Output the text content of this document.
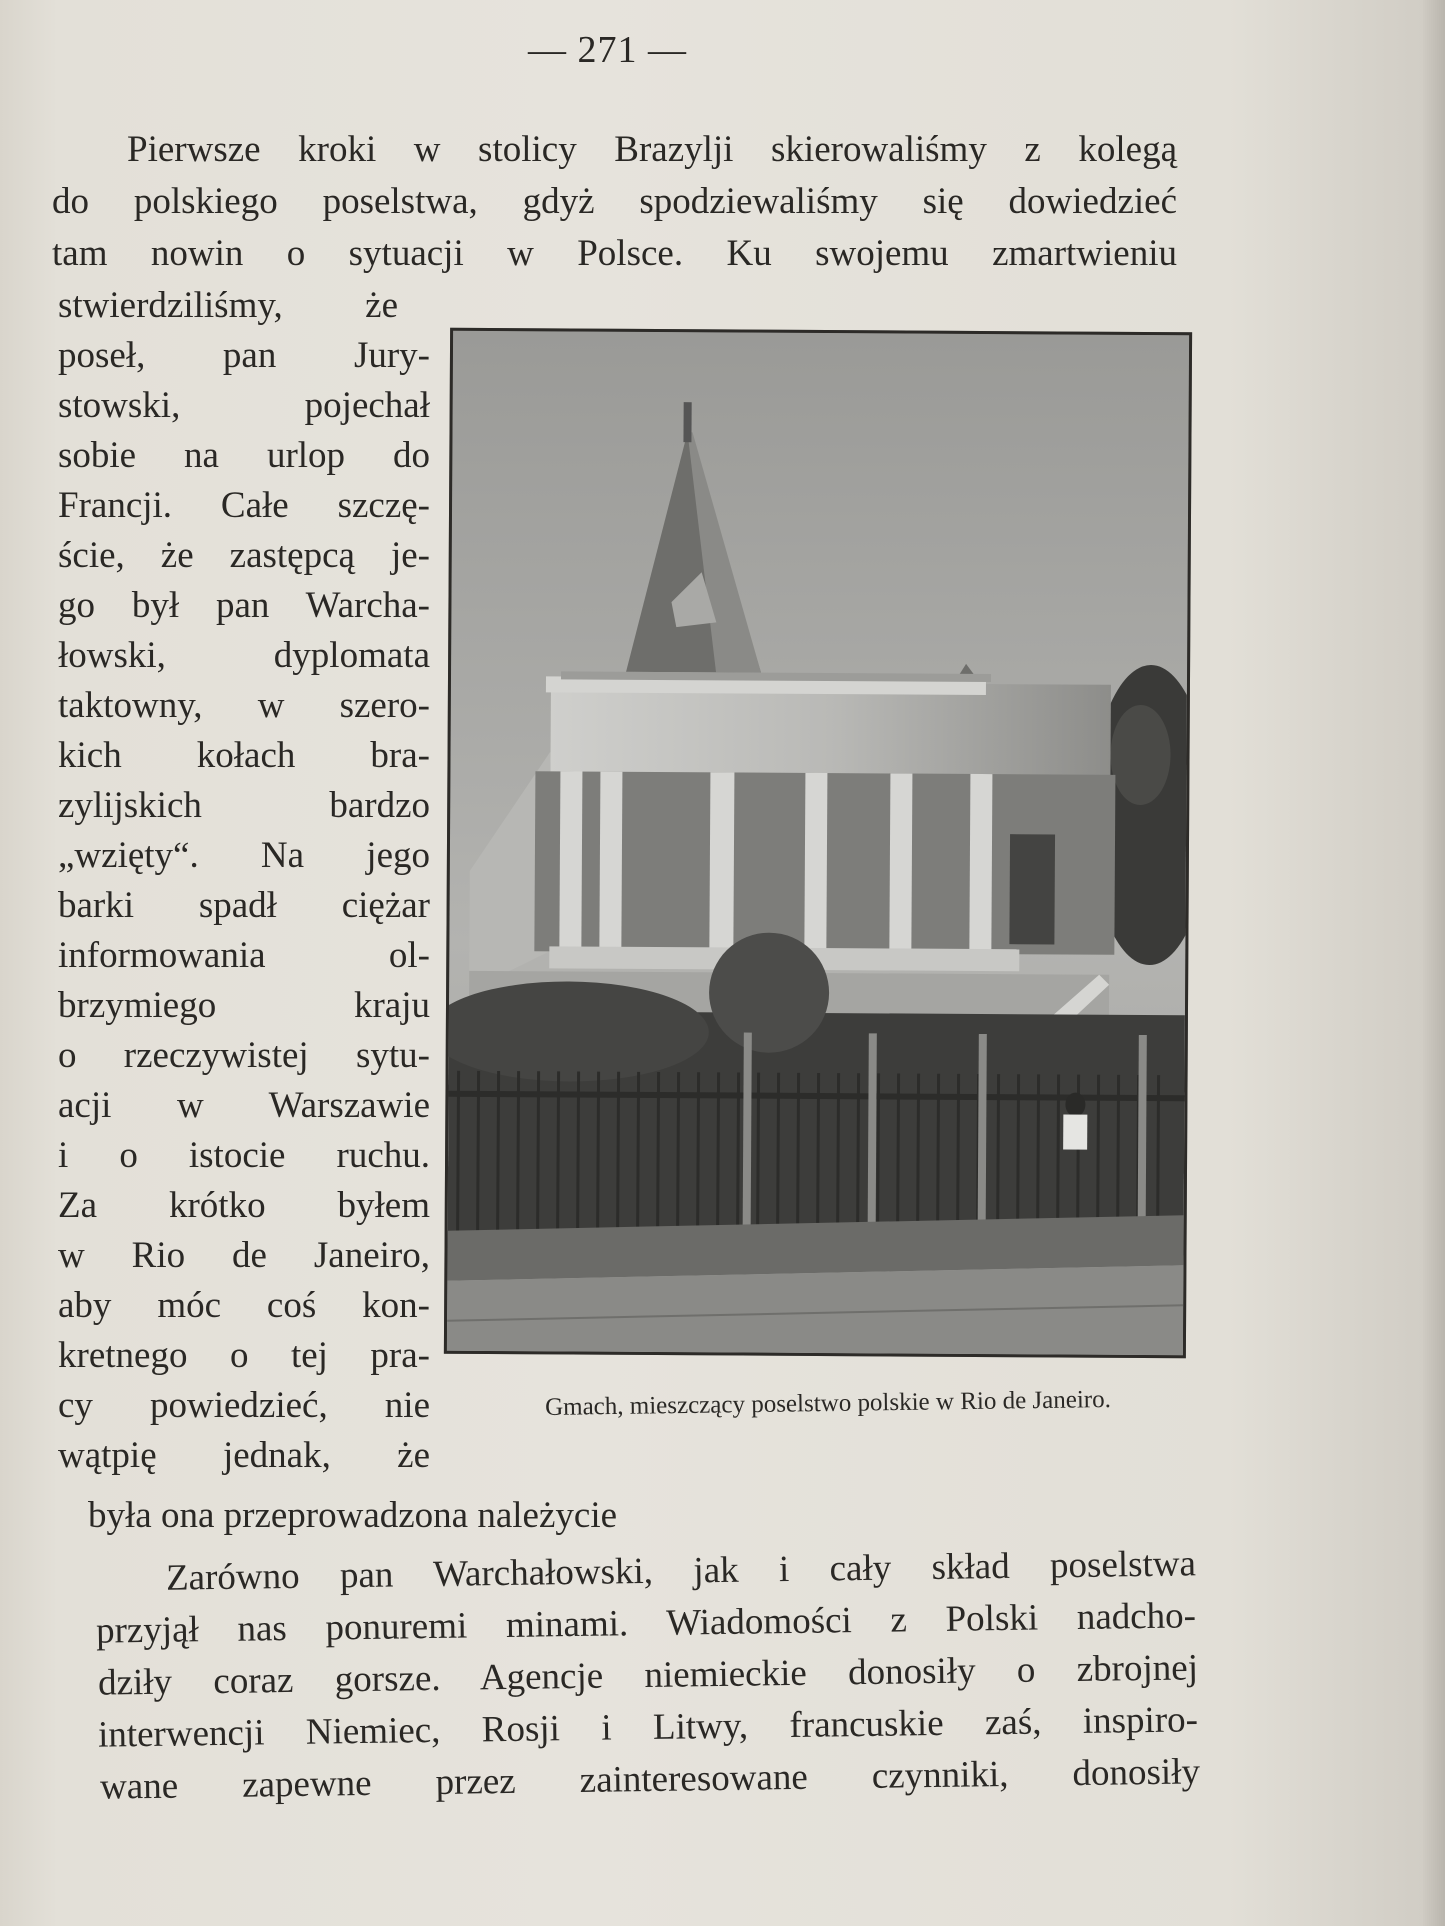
— 271 —
Pierwsze kroki w stolicy Brazylji skierowaliśmy z kolegą
do polskiego poselstwa, gdyż spodziewaliśmy się dowiedzieć
tam nowin o sytuacji w Polsce. Ku swojemu zmartwieniu
stwierdziliśmy, że
poseł, pan Jury-
stowski, pojechał
sobie na urlop do
Francji. Całe szczę-
ście, że zastępcą je-
go był pan Warcha-
łowski, dyplomata
taktowny, w szero-
kich kołach bra-
zylijskich bardzo
„wzięty“. Na jego
barki spadł ciężar
informowania ol-
brzymiego kraju
o rzeczywistej sytu-
acji w Warszawie
i o istocie ruchu.
Za krótko byłem
w Rio de Janeiro,
aby móc coś kon-
kretnego o tej pra-
cy powiedzieć, nie
wątpię jednak, że
była ona przeprowadzona należycie
Gmach, mieszczący poselstwo polskie w Rio de Janeiro.
Zarówno pan Warchałowski, jak i cały skład poselstwa
przyjął nas ponuremi minami. Wiadomości z Polski nadcho-
dziły coraz gorsze. Agencje niemieckie donosiły o zbrojnej
interwencji Niemiec, Rosji i Litwy, francuskie zaś, inspiro-
wane zapewne przez zainteresowane czynniki, donosiły
